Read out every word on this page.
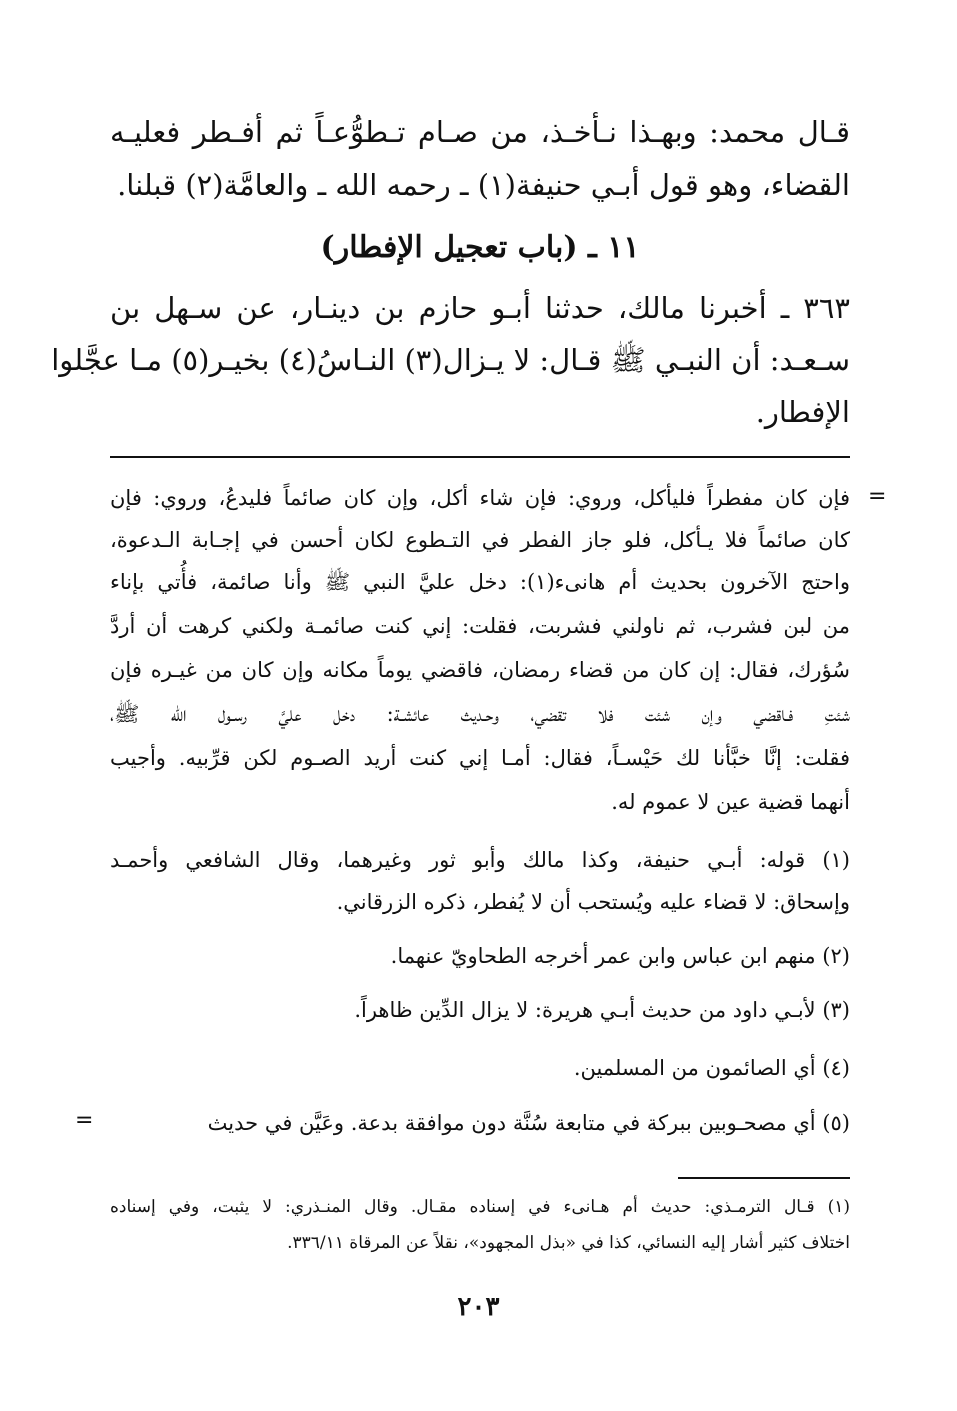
قـال محمد: وبهـذا نـأخـذ، من صـام تـطوُّعـاً ثم أفـطر فعليـه
القضاء، وهو قول أبـي حنيفة(١) ـ رحمه الله ـ والعامَّة(٢) قبلنا.
١١ ـ (باب تعجيل الإفطار)
٣٦٣ ـ أخبرنا مالك، حدثنا أبـو حازم بن دينـار، عن سـهل بن
سـعـد: أن النبـي ﷺ قـال: لا يـزال(٣) النـاسُ(٤) بخيـر(٥) مـا عجَّلوا
الإفطار.
=
=
فإن كان مفطراً فليأكل، وروي: فإن شاء أكل، وإن كان صائماً فليدعُ، وروي: فإن
كان صائماً فلا يـأكل، فلو جاز الفطر في التـطوع لكان أحسن في إجـابة الـدعوة،
واحتج الآخرون بحديث أم هانىء(١): دخل عليَّ النبي ﷺ وأنا صائمة، فأُتي بإناء
من لبن فشرب، ثم ناولني فشربت، فقلت: إني كنت صائمـة ولكني كرهت أن أردَّ
سُؤرك، فقال: إن كان من قضاء رمضان، فاقضي يوماً مكانه وإن كان من غيـره فإن
شئتِ فـاقضي وإن شئت فلا تقضي، وحـديث عائشـة: دخل عليَّ رسـول الله ﷺ،
فقلت: إنَّا خبَّأنا لك حَيْسـاً، فقال: أمـا إني كنت أريد الصـوم لكن قرِّبيه. وأجيب
أنهما قضية عين لا عموم له.
(١) قوله: أبـي حنيفة، وكذا مالك وأبو ثور وغيرهما، وقال الشافعي وأحمـد
وإسحاق: لا قضاء عليه ويُستحب أن لا يُفطر، ذكره الزرقاني.
(٢) منهم ابن عباس وابن عمر أخرجه الطحاويّ عنهما.
(٣) لأبـي داود من حديث أبـي هريرة: لا يزال الدِّين ظاهراً.
(٤) أي الصائمون من المسلمين.
(٥) أي مصحـوبين ببركة في متابعة سُنَّة دون موافقة بدعة. وعَيَّن في حديث
(١) قـال الترمـذي: حديث أم هـانىء في إسناده مقـال. وقال المنـذري: لا يثبت، وفي إسناده
اختلاف كثير أشار إليه النسائي، كذا في «بذل المجهود»، نقلاً عن المرقاة ٣٣٦/١١.
٢٠٣
